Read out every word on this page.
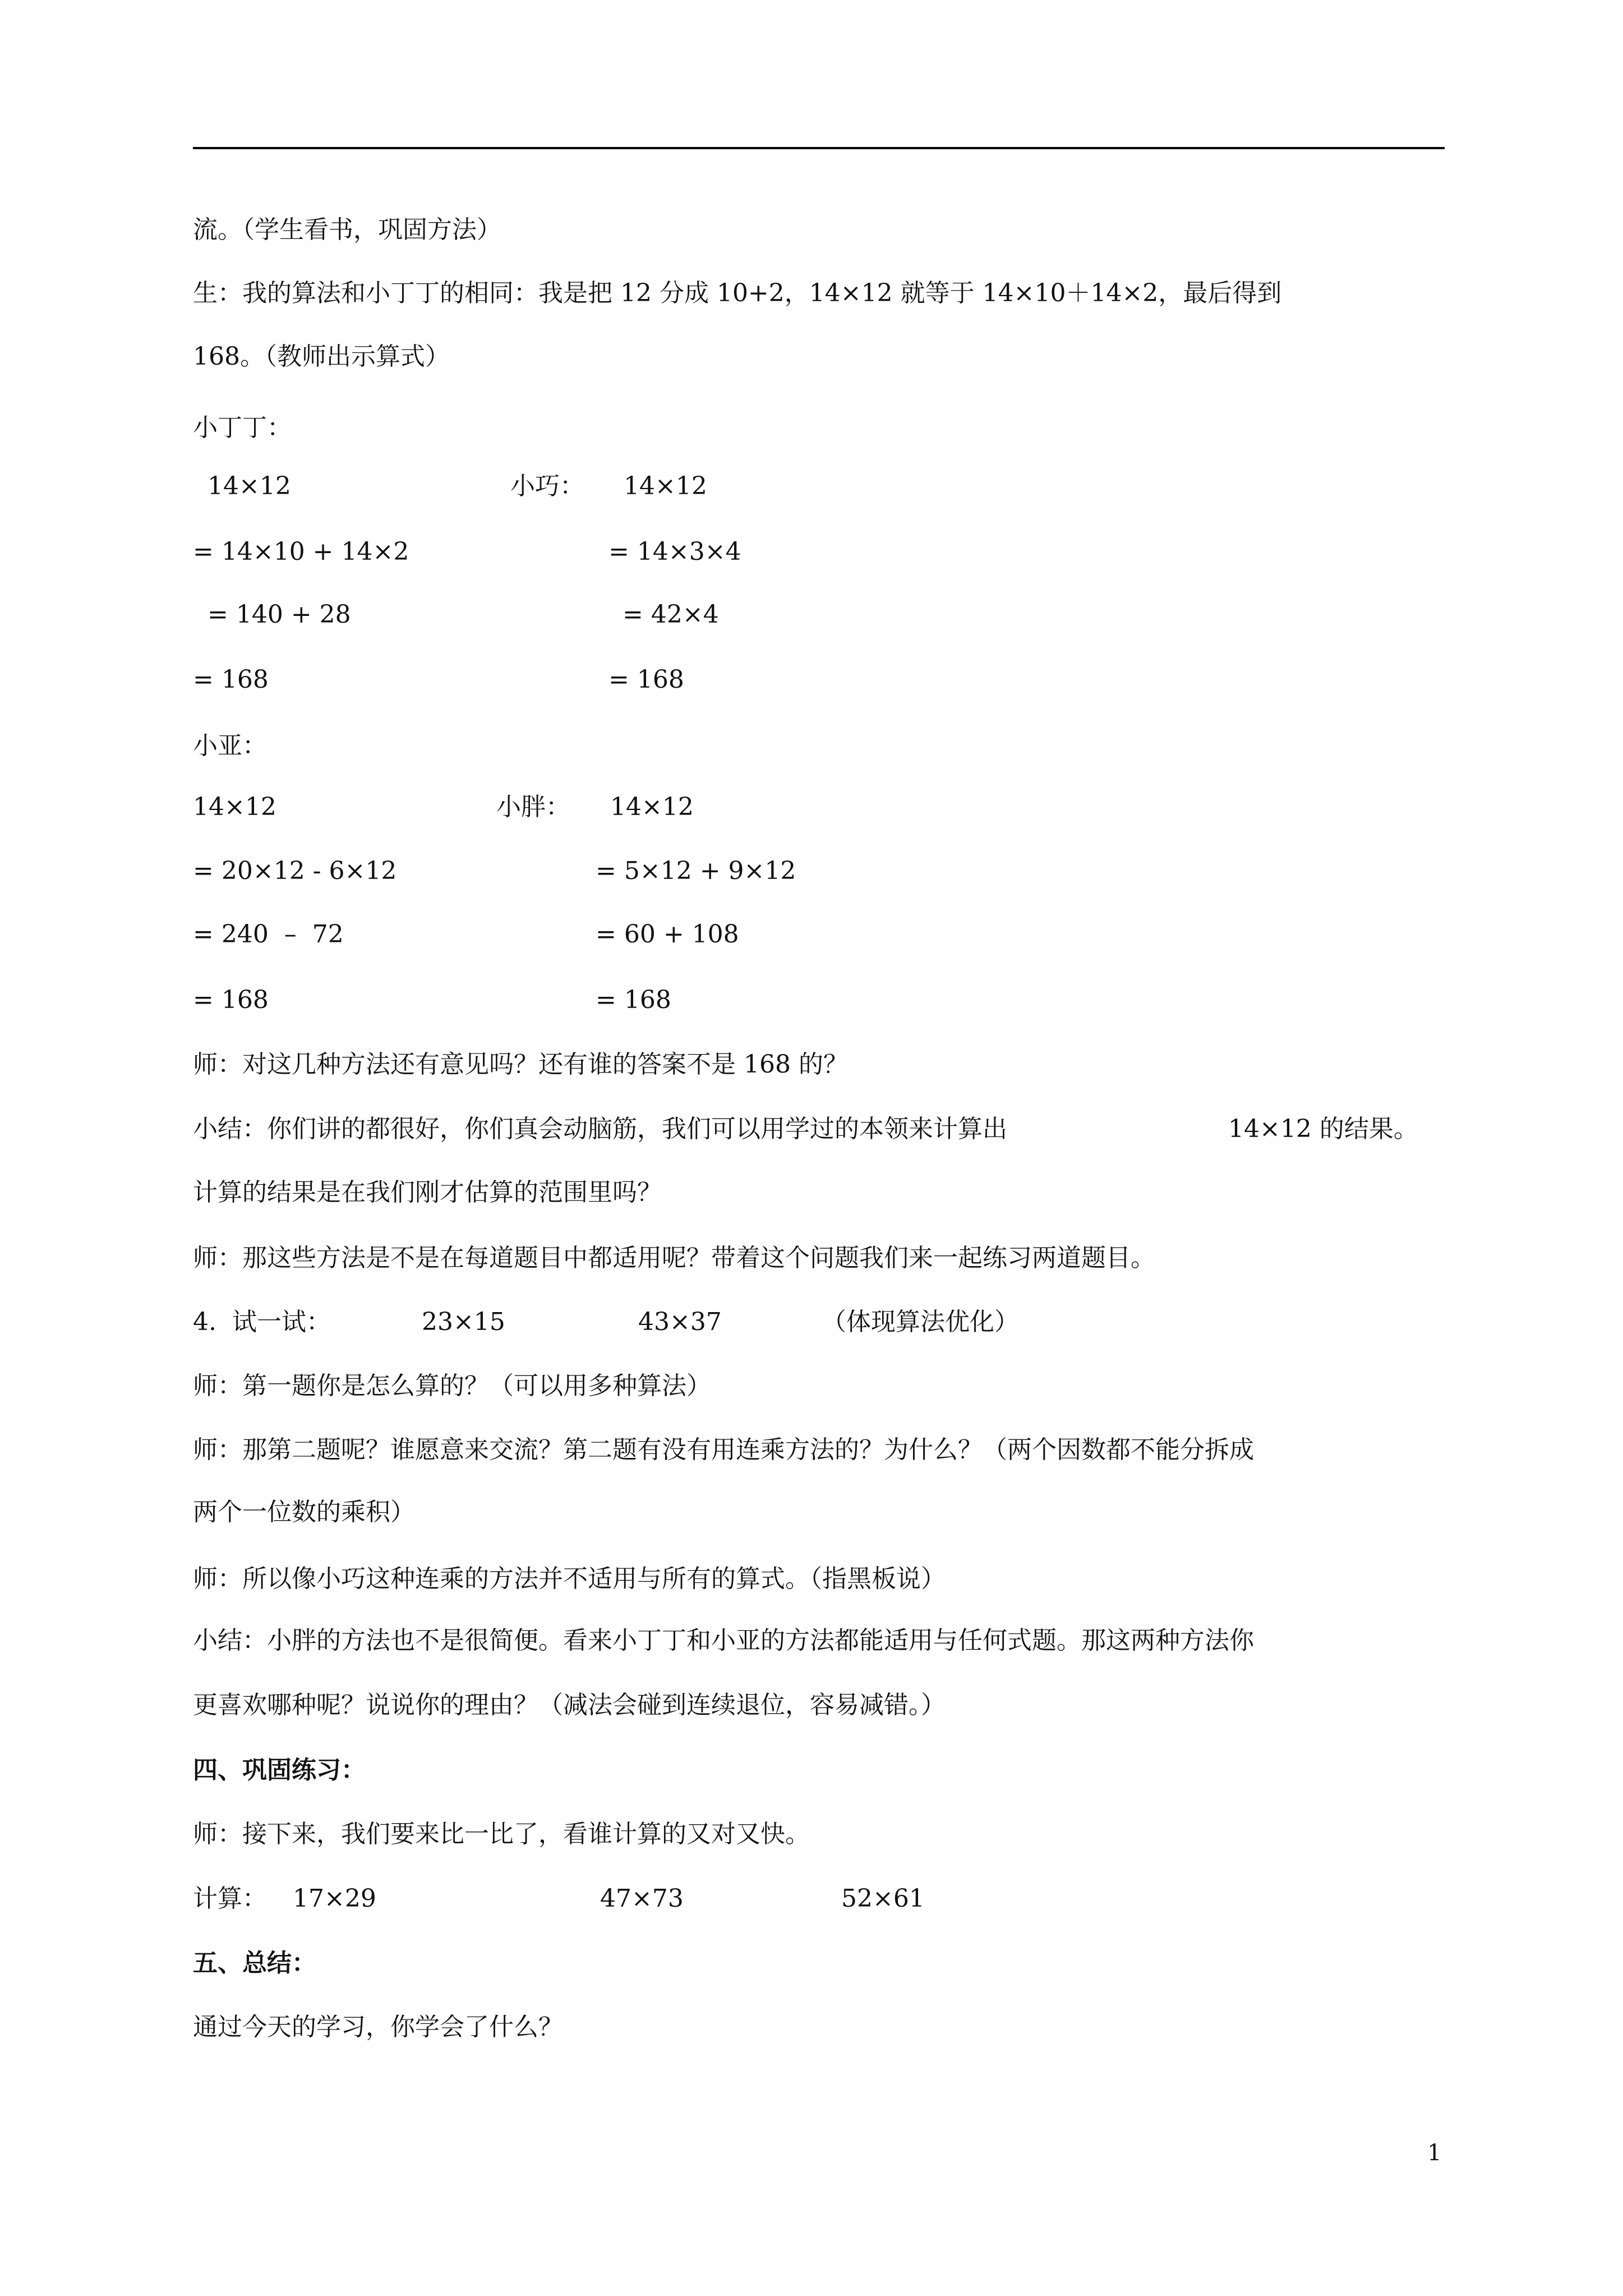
流。（学生看书，巩固方法）
生：我的算法和小丁丁的相同：我是把 12 分成 10+2，14×12 就等于 14×10＋14×2，最后得到
168。（教师出示算式）
小丁丁：
14×12	小巧： 14×12
= 14×10 + 14×2	= 14×3×4
= 140 + 28	= 42×4
= 168	= 168
小亚：
14×12	小胖： 14×12
= 20×12 - 6×12	= 5×12 + 9×12
= 240  –  72	= 60 + 108
= 168	= 168
师：对这几种方法还有意见吗？还有谁的答案不是 168 的？
小结：你们讲的都很好，你们真会动脑筋，我们可以用学过的本领来计算出	14×12 的结果。
计算的结果是在我们刚才估算的范围里吗？
师：那这些方法是不是在每道题目中都适用呢？带着这个问题我们来一起练习两道题目。
4.  试一试：	23×15	43×37	（体现算法优化）
师：第一题你是怎么算的？（可以用多种算法）
师：那第二题呢？谁愿意来交流？第二题有没有用连乘方法的？为什么？（两个因数都不能分拆成
两个一位数的乘积）
师：所以像小巧这种连乘的方法并不适用与所有的算式。（指黑板说）
小结：小胖的方法也不是很简便。看来小丁丁和小亚的方法都能适用与任何式题。那这两种方法你
更喜欢哪种呢？说说你的理由？（减法会碰到连续退位，容易减错。）
四、巩固练习：
师：接下来，我们要来比一比了，看谁计算的又对又快。
计算： 17×29	47×73	52×61
五、总结：
通过今天的学习，你学会了什么？
1
